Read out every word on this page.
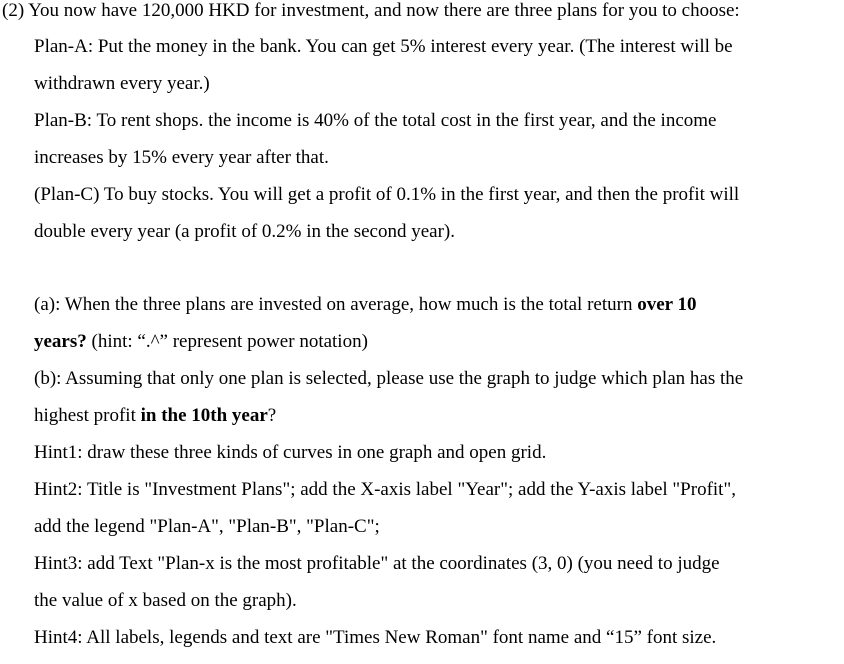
(2) You now have 120,000 HKD for investment, and now there are three plans for you to choose:
Plan-A: Put the money in the bank. You can get 5% interest every year. (The interest will be
withdrawn every year.)
Plan-B: To rent shops. the income is 40% of the total cost in the first year, and the income
increases by 15% every year after that.
(Plan-C) To buy stocks. You will get a profit of 0.1% in the first year, and then the profit will
double every year (a profit of 0.2% in the second year).
(a): When the three plans are invested on average, how much is the total return over 10
years? (hint: “.^” represent power notation)
(b): Assuming that only one plan is selected, please use the graph to judge which plan has the
highest profit in the 10th year?
Hint1: draw these three kinds of curves in one graph and open grid.
Hint2: Title is "Investment Plans"; add the X-axis label "Year"; add the Y-axis label "Profit",
add the legend "Plan-A", "Plan-B", "Plan-C";
Hint3: add Text "Plan-x is the most profitable" at the coordinates (3, 0) (you need to judge
the value of x based on the graph).
Hint4: All labels, legends and text are "Times New Roman" font name and “15” font size.
